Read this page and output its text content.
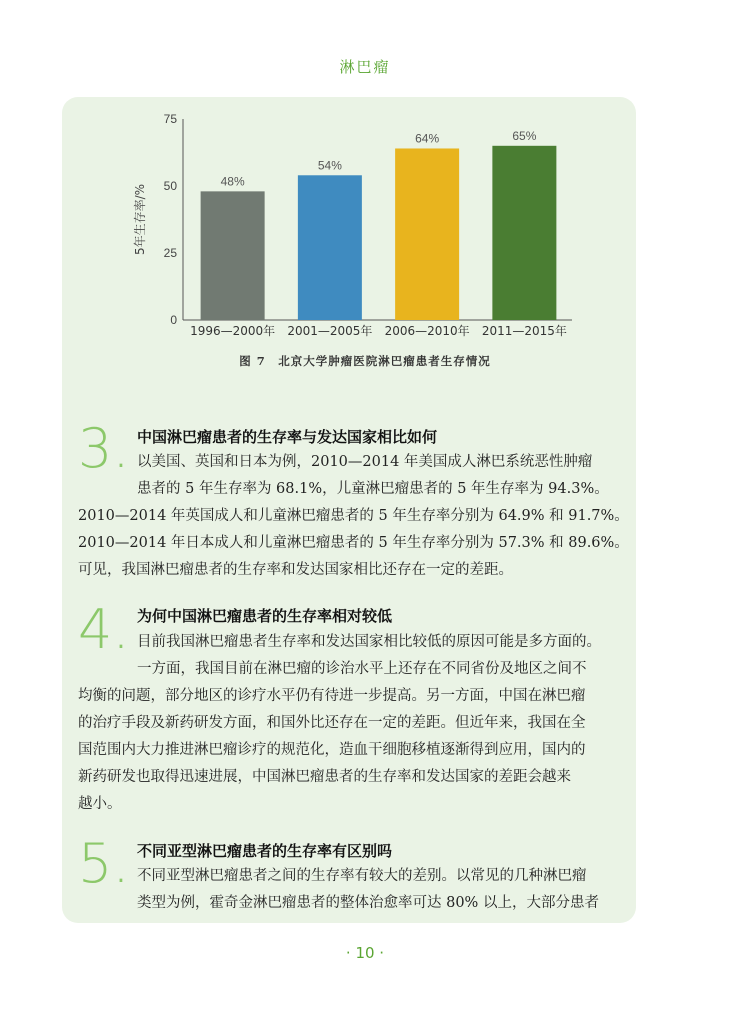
淋巴瘤
0
25
50
75
5年生存率/%
48%
1996—2000年
54%
2001—2005年
64%
2006—2010年
65%
2011—2015年
图 7　北京大学肿瘤医院淋巴瘤患者生存情况
3. 中国淋巴瘤患者的生存率与发达国家相比如何
以美国、英国和日本为例，2010—2014 年美国成人淋巴系统恶性肿瘤
患者的 5 年生存率为 68.1%，儿童淋巴瘤患者的 5 年生存率为 94.3%。
2010—2014 年英国成人和儿童淋巴瘤患者的 5 年生存率分别为 64.9% 和 91.7%。
2010—2014 年日本成人和儿童淋巴瘤患者的 5 年生存率分别为 57.3% 和 89.6%。
可见，我国淋巴瘤患者的生存率和发达国家相比还存在一定的差距。
4. 为何中国淋巴瘤患者的生存率相对较低
目前我国淋巴瘤患者生存率和发达国家相比较低的原因可能是多方面的。
一方面，我国目前在淋巴瘤的诊治水平上还存在不同省份及地区之间不
均衡的问题，部分地区的诊疗水平仍有待进一步提高。另一方面，中国在淋巴瘤
的治疗手段及新药研发方面，和国外比还存在一定的差距。但近年来，我国在全
国范围内大力推进淋巴瘤诊疗的规范化，造血干细胞移植逐渐得到应用，国内的
新药研发也取得迅速进展，中国淋巴瘤患者的生存率和发达国家的差距会越来
越小。
5. 不同亚型淋巴瘤患者的生存率有区别吗
不同亚型淋巴瘤患者之间的生存率有较大的差别。以常见的几种淋巴瘤
类型为例，霍奇金淋巴瘤患者的整体治愈率可达 80% 以上，大部分患者
· 10 ·
